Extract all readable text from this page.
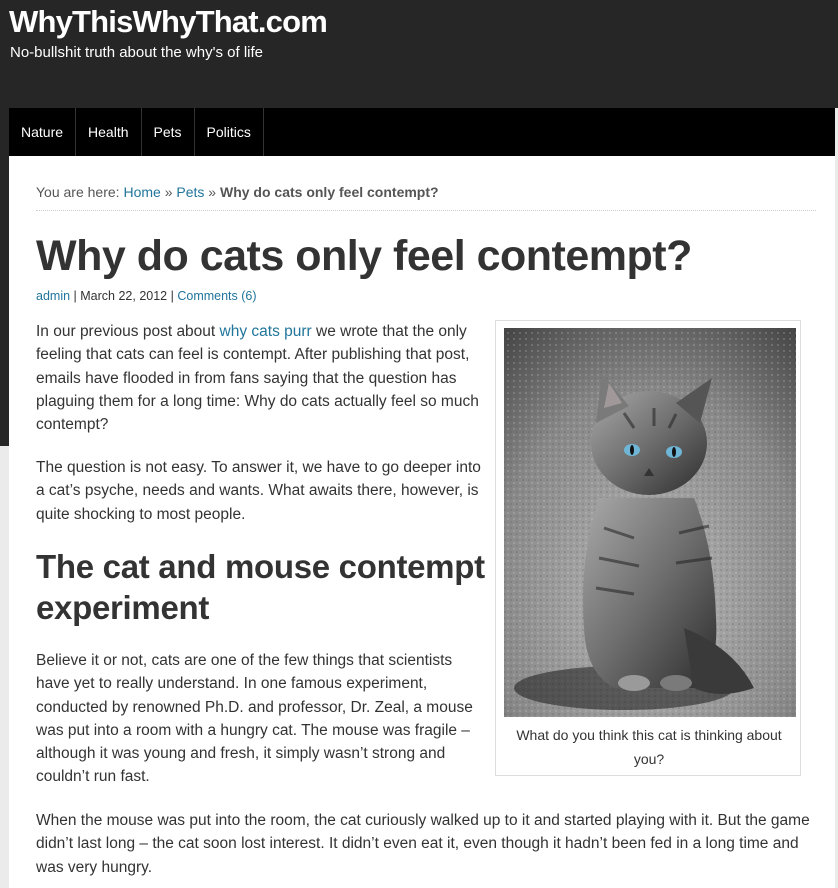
WhyThisWhyThat.com
No-bullshit truth about the why's of life
Nature	Health	Pets	Politics
You are here: Home » Pets » Why do cats only feel contempt?
Why do cats only feel contempt?
admin | March 22, 2012 | Comments (6)

In our previous post about why cats purr we wrote that the only feeling that cats can feel is contempt. After publishing that post, emails have flooded in from fans saying that the question has plaguing them for a long time: Why do cats actually feel so much contempt?

The question is not easy. To answer it, we have to go deeper into a cat’s psyche, needs and wants. What awaits there, however, is quite shocking to most people.

The cat and mouse contempt experiment

Believe it or not, cats are one of the few things that scientists have yet to really understand. In one famous experiment, conducted by renowned Ph.D. and professor, Dr. Zeal, a mouse was put into a room with a hungry cat. The mouse was fragile – although it was young and fresh, it simply wasn’t strong and couldn’t run fast.

When the mouse was put into the room, the cat curiously walked up to it and started playing with it. But the game didn’t last long – the cat soon lost interest. It didn’t even eat it, even though it hadn’t been fed in a long time and was very hungry.

What do you think this cat is thinking about you?
